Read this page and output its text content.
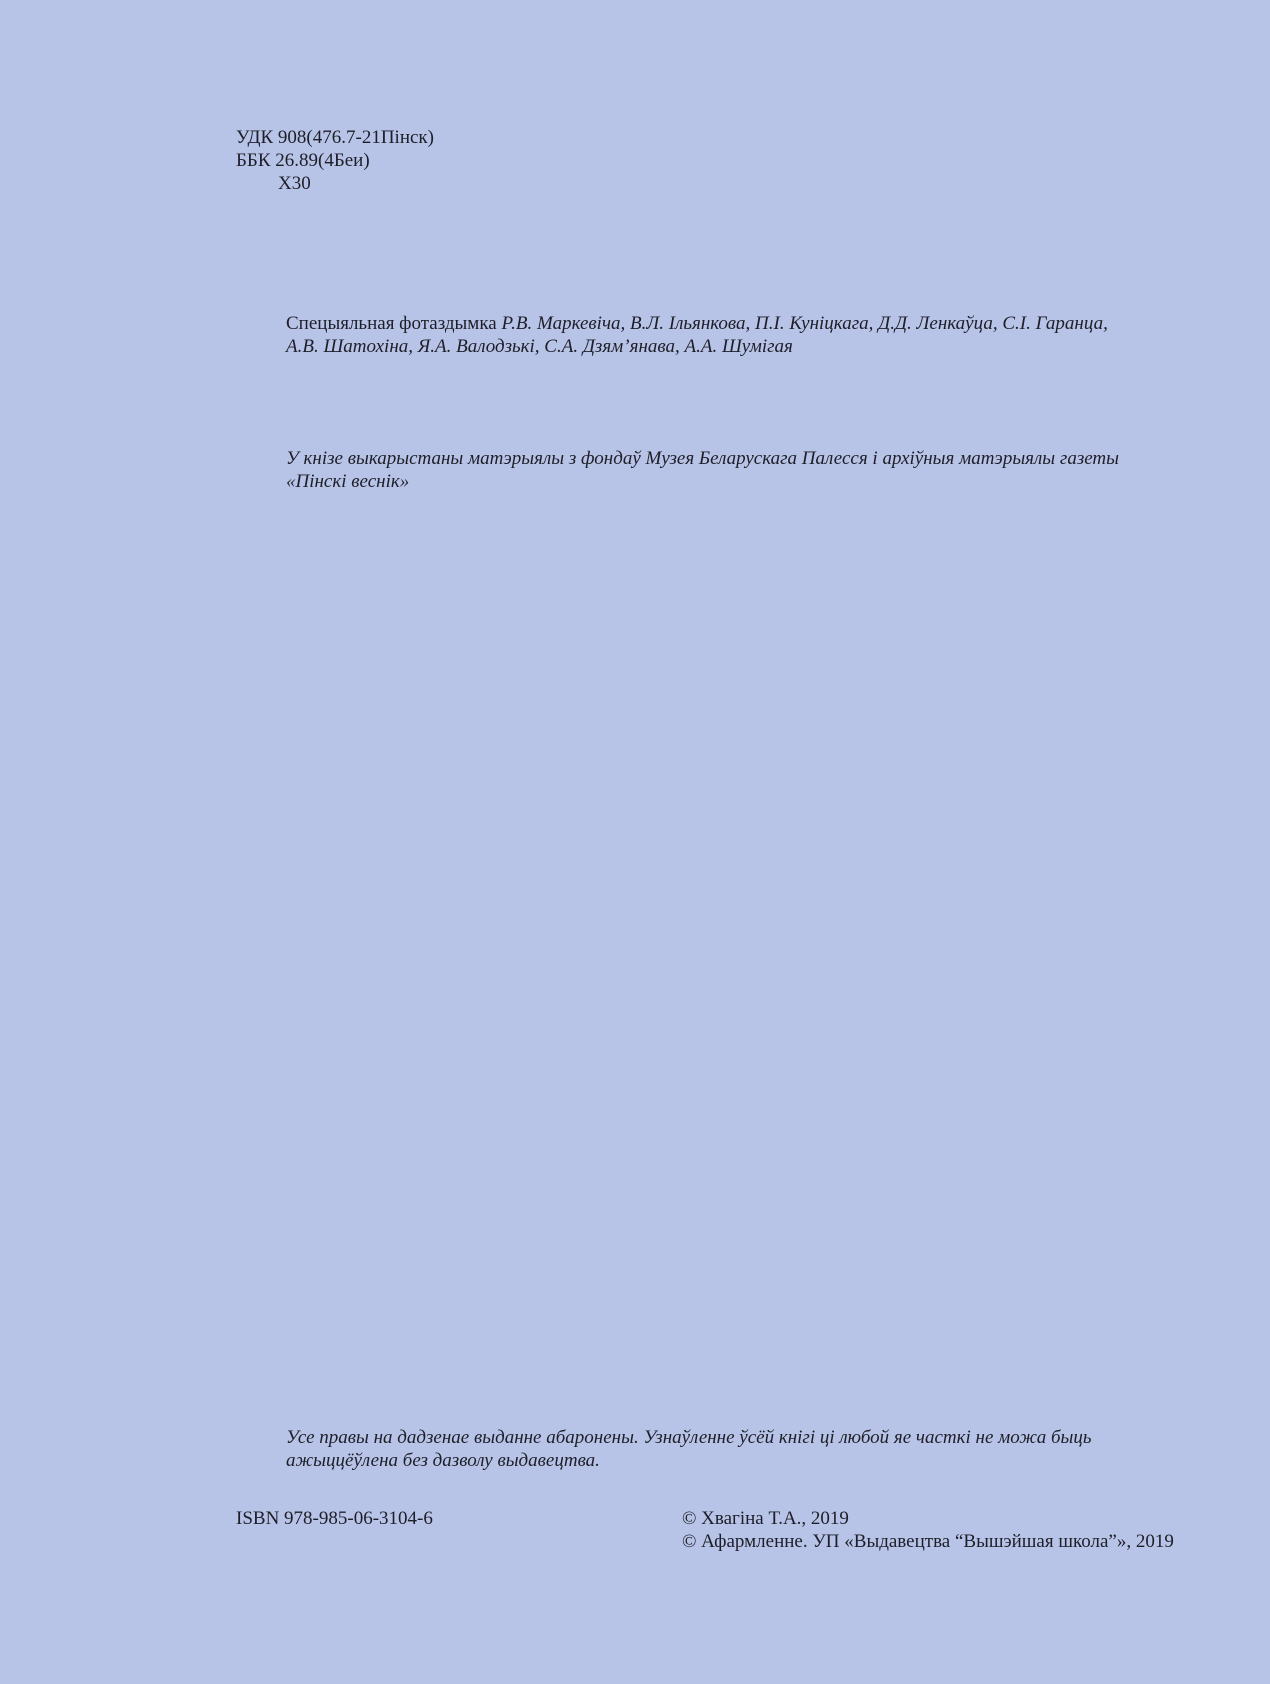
УДК 908(476.7-21Пінск)
ББК 26.89(4Беи)
Х30
Спецыяльная фотаздымка Р.В. Маркевіча, В.Л. Ільянкова, П.І. Куніцкага, Д.Д. Ленкаўца, С.І. Гаранца,
А.В. Шатохіна, Я.А. Валодзькі, С.А. Дзям’янава, А.А. Шумігая
У кнізе выкарыстаны матэрыялы з фондаў Музея Беларускага Палесся і архіўныя матэрыялы газеты
«Пінскі веснік»
Усе правы на дадзенае выданне абаронены. Узнаўленне ўсёй кнігі ці любой яе часткі не можа быць
ажыццёўлена без дазволу выдавецтва.
ISBN 978-985-06-3104-6	© Хвагіна Т.А., 2019
© Афармленне. УП «Выдавецтва “Вышэйшая школа”», 2019
